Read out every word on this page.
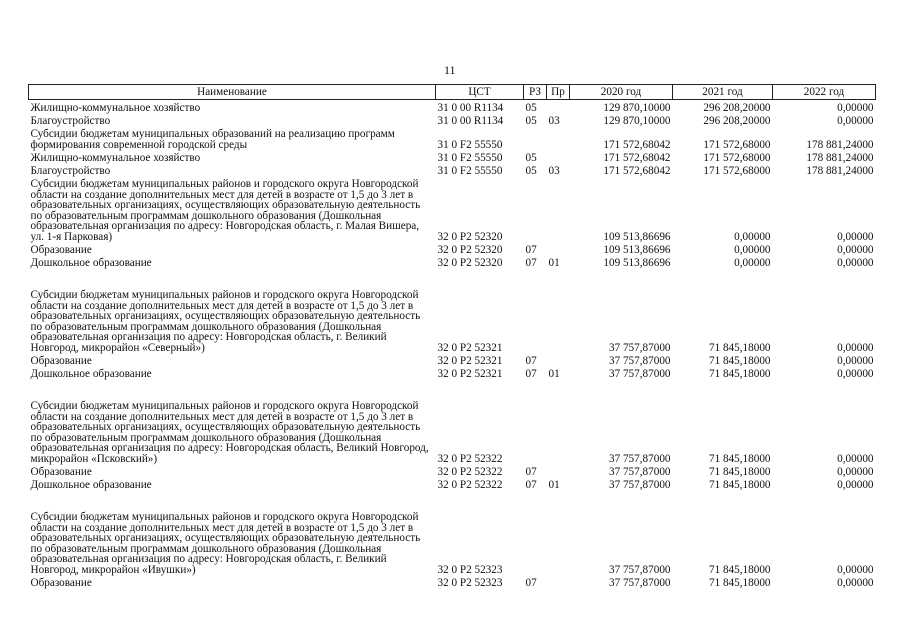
11
Наименование	ЦСТ	РЗ	Пр	2020 год	2021 год	2022 год
Жилищно-коммунальное хозяйство	31 0 00 R1134	05		129 870,10000	296 208,20000	0,00000
Благоустройство	31 0 00 R1134	05	03	129 870,10000	296 208,20000	0,00000
Субсидии бюджетам муниципальных образований на реализацию программ формирования современной городской среды	31 0 F2 55550			171 572,68042	171 572,68000	178 881,24000
Жилищно-коммунальное хозяйство	31 0 F2 55550	05		171 572,68042	171 572,68000	178 881,24000
Благоустройство	31 0 F2 55550	05	03	171 572,68042	171 572,68000	178 881,24000
Субсидии бюджетам муниципальных районов и городского округа Новгородской области на создание дополнительных мест для детей в возрасте от 1,5 до 3 лет в образовательных организациях, осуществляющих образовательную деятельность по образовательным программам дошкольного образования (Дошкольная образовательная организация по адресу: Новгородская область, г. Малая Вишера, ул. 1-я Парковая)	32 0 P2 52320			109 513,86696	0,00000	0,00000
Образование	32 0 P2 52320	07		109 513,86696	0,00000	0,00000
Дошкольное образование	32 0 P2 52320	07	01	109 513,86696	0,00000	0,00000
Субсидии бюджетам муниципальных районов и городского округа Новгородской области на создание дополнительных мест для детей в возрасте от 1,5 до 3 лет в образовательных организациях, осуществляющих образовательную деятельность по образовательным программам дошкольного образования (Дошкольная образовательная организация по адресу: Новгородская область, г. Великий Новгород, микрорайон «Северный»)	32 0 P2 52321			37 757,87000	71 845,18000	0,00000
Образование	32 0 P2 52321	07		37 757,87000	71 845,18000	0,00000
Дошкольное образование	32 0 P2 52321	07	01	37 757,87000	71 845,18000	0,00000
Субсидии бюджетам муниципальных районов и городского округа Новгородской области на создание дополнительных мест для детей в возрасте от 1,5 до 3 лет в образовательных организациях, осуществляющих образовательную деятельность по образовательным программам дошкольного образования (Дошкольная образовательная организация по адресу: Новгородская область, Великий Новгород, микрорайон «Псковский»)	32 0 P2 52322			37 757,87000	71 845,18000	0,00000
Образование	32 0 P2 52322	07		37 757,87000	71 845,18000	0,00000
Дошкольное образование	32 0 P2 52322	07	01	37 757,87000	71 845,18000	0,00000
Субсидии бюджетам муниципальных районов и городского округа Новгородской области на создание дополнительных мест для детей в возрасте от 1,5 до 3 лет в образовательных организациях, осуществляющих образовательную деятельность по образовательным программам дошкольного образования (Дошкольная образовательная организация по адресу: Новгородская область, г. Великий Новгород, микрорайон «Ивушки»)	32 0 P2 52323			37 757,87000	71 845,18000	0,00000
Образование	32 0 P2 52323	07		37 757,87000	71 845,18000	0,00000
